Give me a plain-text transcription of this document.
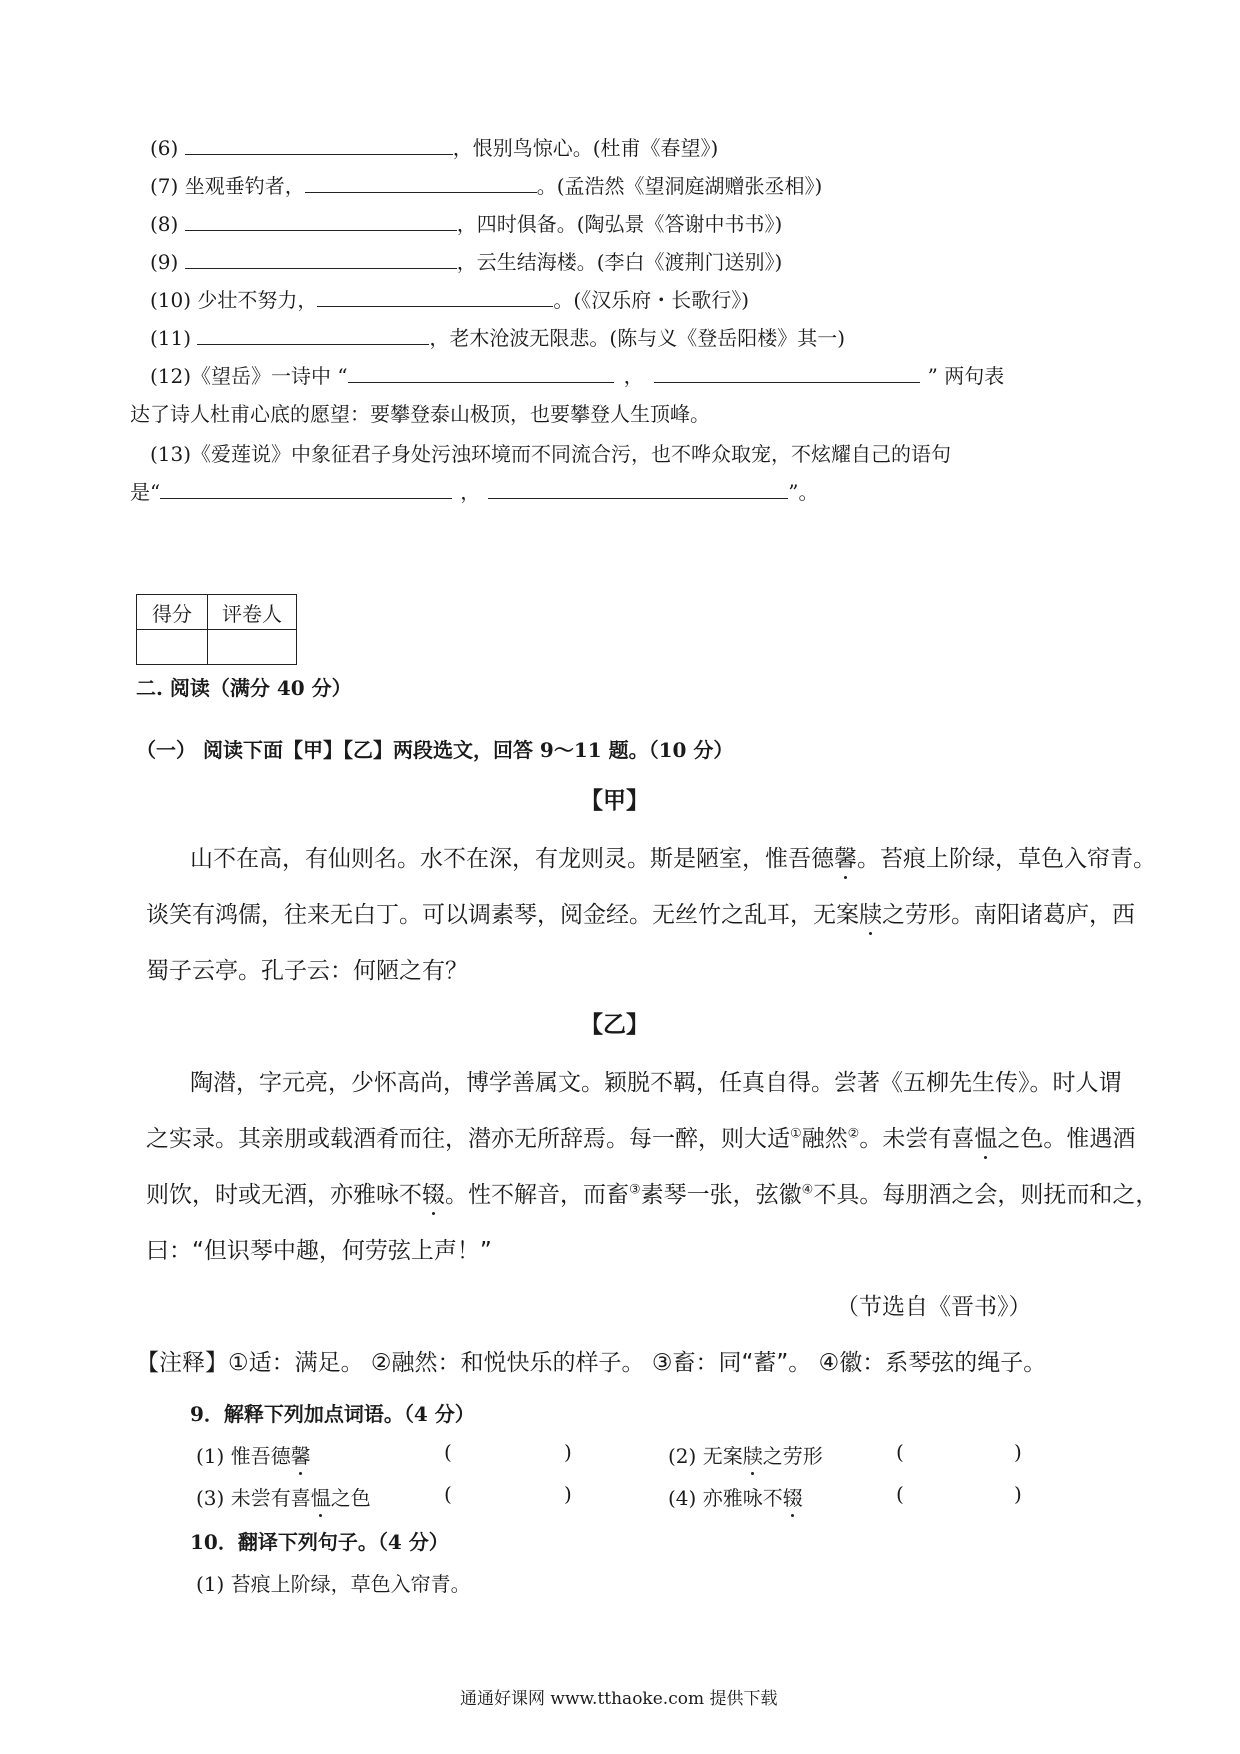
(6)	，恨别鸟惊心。(杜甫《春望》)
(7) 坐观垂钓者，	。(孟浩然《望洞庭湖赠张丞相》)
(8)	，四时俱备。(陶弘景《答谢中书书》)
(9)	，云生结海楼。(李白《渡荆门送别》)
(10) 少壮不努力，	。(《汉乐府・长歌行》)
(11)	，老木沧波无限悲。(陈与义《登岳阳楼》其一)
(12)《望岳》一诗中 “	，	” 两句表
达了诗人杜甫心底的愿望：要攀登泰山极顶，也要攀登人生顶峰。
(13)《爱莲说》中象征君子身处污浊环境而不同流合污，也不哗众取宠，不炫耀自己的语句
是“	，	”。
得分	评卷人

二. 阅读（满分 40 分）
（一） 阅读下面【甲】【乙】两段选文，回答 9～11 题。（10 分）
【甲】
山不在高，有仙则名。水不在深，有龙则灵。斯是陋室，惟吾德馨。苔痕上阶绿，草色入帘青。
谈笑有鸿儒，往来无白丁。可以调素琴，阅金经。无丝竹之乱耳，无案牍之劳形。南阳诸葛庐，西
蜀子云亭。孔子云：何陋之有？
【乙】
陶潜，字元亮，少怀高尚，博学善属文。颖脱不羁，任真自得。尝著《五柳先生传》。时人谓
之实录。其亲朋或载酒肴而往，潜亦无所辞焉。每一醉，则大适①融然②。未尝有喜愠之色。惟遇酒
则饮，时或无酒，亦雅咏不辍。性不解音，而畜③素琴一张，弦徽④不具。每朋酒之会，则抚而和之，
曰：“但识琴中趣，何劳弦上声！”
（节选自《晋书》）
【注释】①适：满足。 ②融然：和悦快乐的样子。 ③畜：同“蓄”。 ④徽：系琴弦的绳子。
9．解释下列加点词语。（4 分）
(1) 惟吾德馨	(	)	(2) 无案牍之劳形	(	)
(3) 未尝有喜愠之色	(	)	(4) 亦雅咏不辍	(	)
10．翻译下列句子。（4 分）
(1) 苔痕上阶绿，草色入帘青。
通通好课网 www.tthaoke.com 提供下载
